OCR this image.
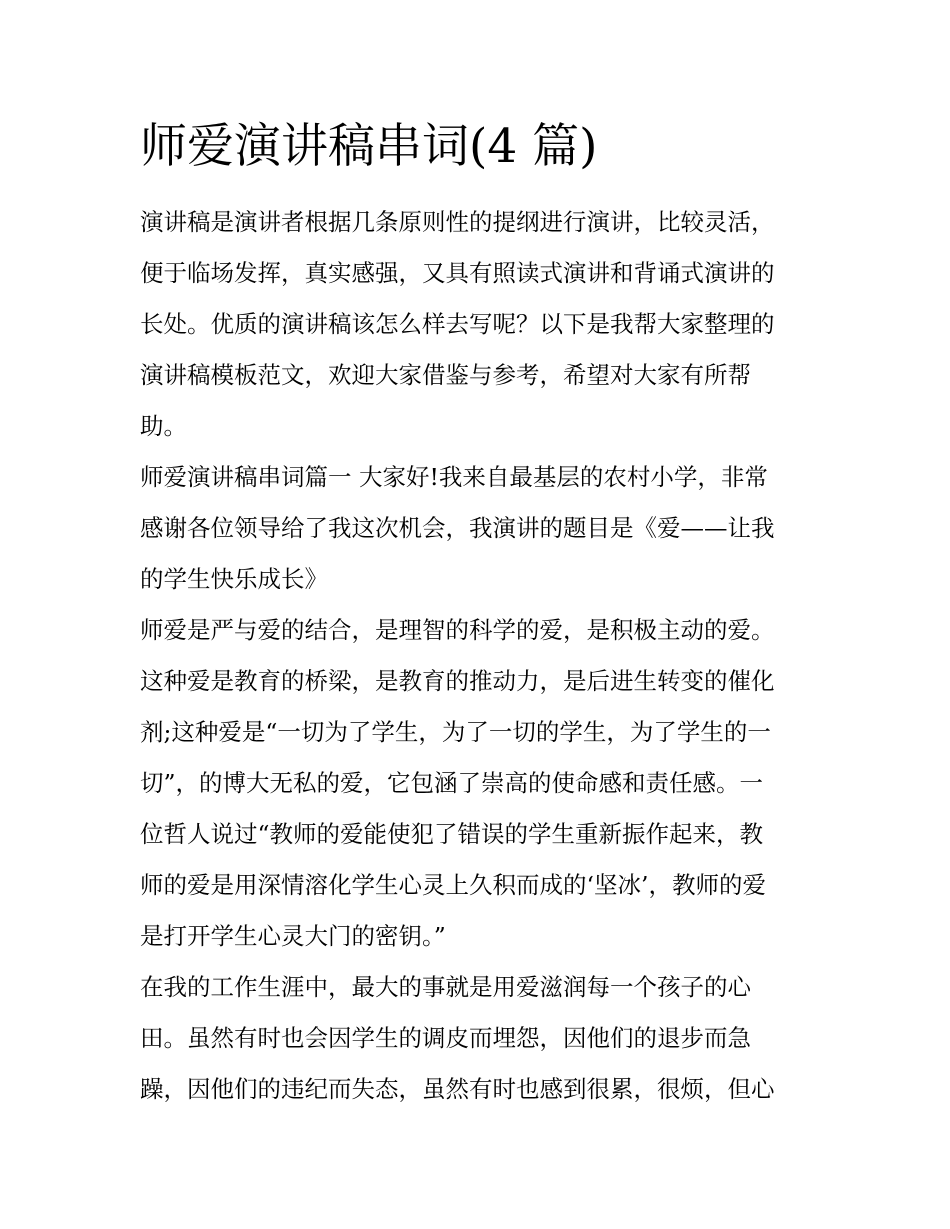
师爱演讲稿串词(4 篇)
演讲稿是演讲者根据几条原则性的提纲进行演讲，比较灵活，
便于临场发挥，真实感强，又具有照读式演讲和背诵式演讲的
长处。优质的演讲稿该怎么样去写呢？以下是我帮大家整理的
演讲稿模板范文，欢迎大家借鉴与参考，希望对大家有所帮
助。
师爱演讲稿串词篇一 大家好!我来自最基层的农村小学，非常
感谢各位领导给了我这次机会，我演讲的题目是《爱——让我
的学生快乐成长》
师爱是严与爱的结合，是理智的科学的爱，是积极主动的爱。
这种爱是教育的桥梁，是教育的推动力，是后进生转变的催化
剂;这种爱是“一切为了学生，为了一切的学生，为了学生的一
切”，的博大无私的爱，它包涵了崇高的使命感和责任感。一
位哲人说过“教师的爱能使犯了错误的学生重新振作起来，教
师的爱是用深情溶化学生心灵上久积而成的‘坚冰’，教师的爱
是打开学生心灵大门的密钥。”
在我的工作生涯中，最大的事就是用爱滋润每一个孩子的心
田。虽然有时也会因学生的调皮而埋怨，因他们的退步而急
躁，因他们的违纪而失态，虽然有时也感到很累，很烦，但心
